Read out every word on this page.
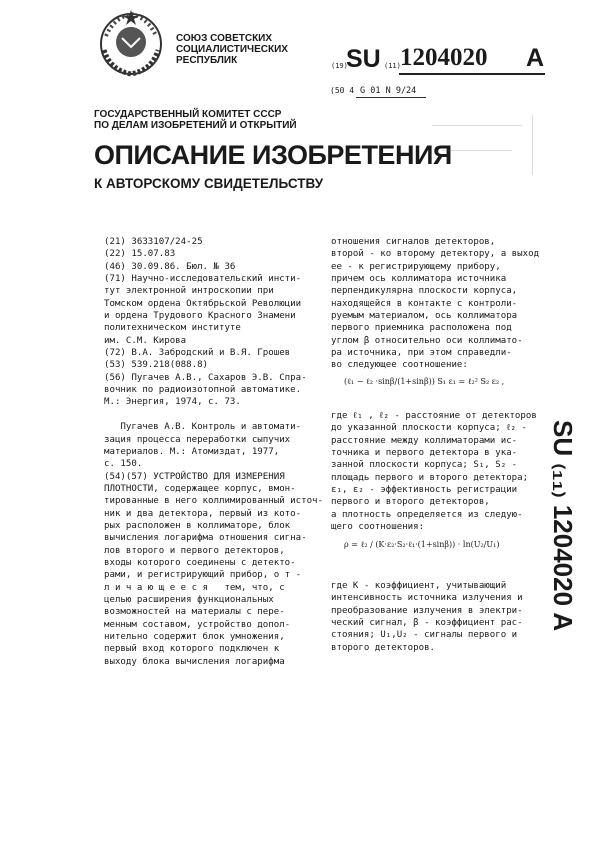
СОЮЗ СОВЕТСКИХ
СОЦИАЛИСТИЧЕСКИХ
РЕСПУБЛИК	(19)
SU (11) 1204020 A
(50 4 G 01 N 9/24
ГОСУДАРСТВЕННЫЙ КОМИТЕТ СССР
ПО ДЕЛАМ ИЗОБРЕТЕНИЙ И ОТКРЫТИЙ
ОПИСАНИЕ ИЗОБРЕТЕНИЯ
К АВТОРСКОМУ СВИДЕТЕЛЬСТВУ
(21) 3633107/24-25
(22) 15.07.83
(46) 30.09.86. Бюл. № 36
(71) Научно-исследовательский инсти-
тут электронной интроскопии при
Томском ордена Октябрьской Революции
и ордена Трудового Красного Знамени
политехническом институте
им. С.М. Кирова
(72) В.А. Забродский и В.Я. Грошев
(53) 539.218(088.8)
(56) Пугачев А.В., Сахаров Э.В. Спра-
вочник по радиоизотопной автоматике.
М.: Энергия, 1974, с. 73.
Пугачев А.В. Контроль и автомати-
зация процесса переработки сыпучих
материалов. М.: Атомиздат, 1977,
с. 150.
(54)(57) УСТРОЙСТВО ДЛЯ ИЗМЕРЕНИЯ
ПЛОТНОСТИ, содержащее корпус, вмон-
тированные в него коллимированный источ-
ник и два детектора, первый из кото-
рых расположен в коллиматоре, блок
вычисления логарифма отношения сигна-
лов второго и первого детекторов,
входы которого соединены с детекто-
рами, и регистрирующий прибор, о т -
л и ч а ю щ е е с я   тем, что, с
целью расширения функциональных
возможностей на материалы с пере-
менным составом, устройство допол-
нительно содержит блок умножения,
первый вход которого подключен к
выходу блока вычисления логарифма
отношения сигналов детекторов,
второй - ко второму детектору, а выход
ее - к регистрирующему прибору,
причем ось коллиматора источника
перпендикулярна плоскости корпуса,
находящейся в контакте с контроли-
руемым материалом, ось коллиматора
первого приемника расположена под
углом β относительно оси коллимато-
ра источника, при этом справедли-
во следующее соотношение:
(ℓ₁ − ℓ₂ ·sinβ/(1+sinβ)) S₁ ε₁ = ℓ₂² S₂ ε₂ ,
где ℓ₁ , ℓ₂ - расстояние от детекторов
до указанной плоскости корпуса; ℓ₂ -
расстояние между коллиматорами ис-
точника и первого детектора в ука-
занной плоскости корпуса; S₁, S₂ -
площадь первого и второго детектора;
ε₁, ε₂ - эффективность регистрации
первого и второго детекторов,
а плотность определяется из следую-
щего соотношения:
ρ = ℓ₂ / (K·ε₂·S₂·ℓ₁·(1+sinβ)) · ln(U₂/U₁)
где K - коэффициент, учитывающий
интенсивность источника излучения и
преобразование излучения в электри-
ческий сигнал, β - коэффициент рас-
стояния; U₁,U₂ - сигналы первого и
второго детекторов.
SU ₍₁₁₎ 1204020 A
